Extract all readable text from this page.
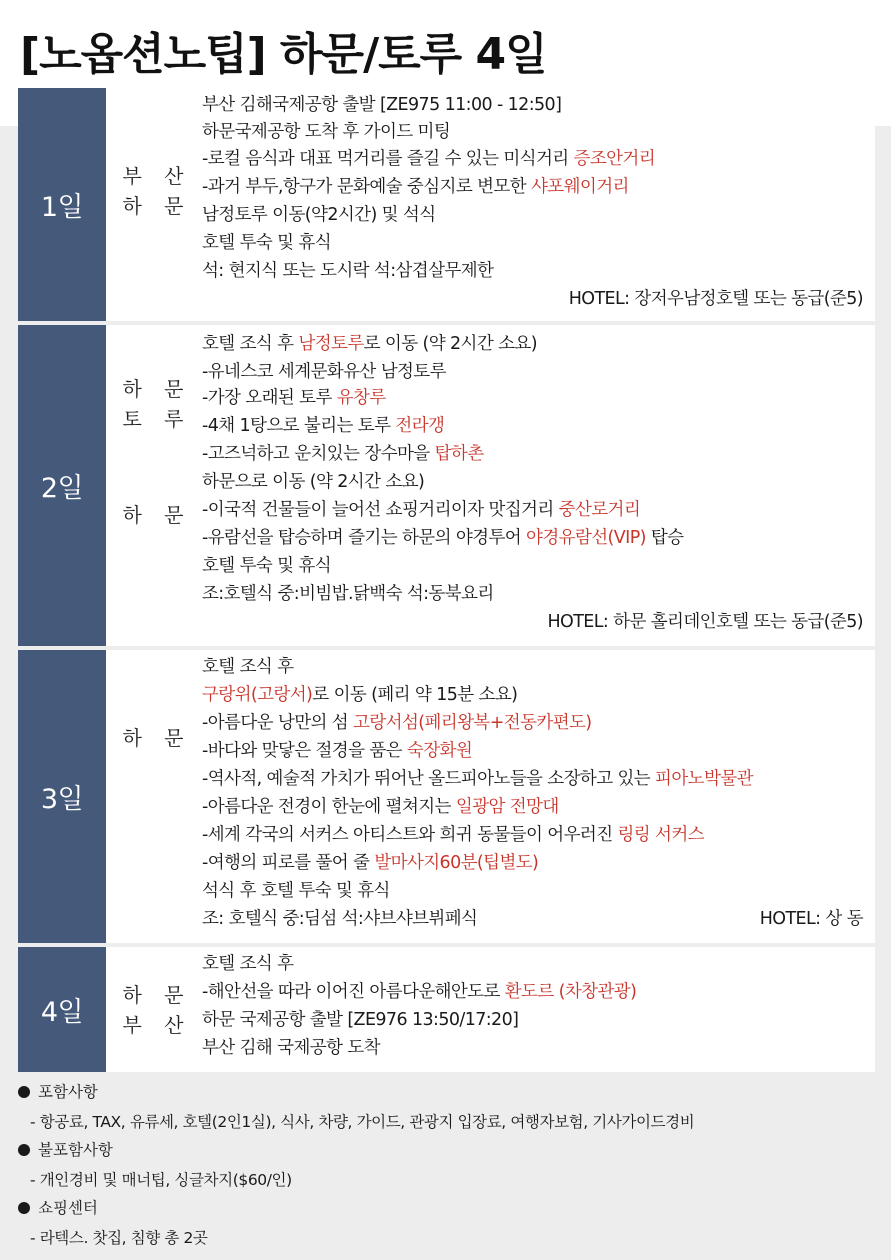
[노옵션노팁] 하문/토루 4일
1일
부 산
하 문
부산 김해국제공항 출발 [ZE975 11:00 - 12:50]
하문국제공항 도착 후 가이드 미팅
-로컬 음식과 대표 먹거리를 즐길 수 있는 미식거리 증조안거리
-과거 부두,항구가 문화예술 중심지로 변모한 샤포웨이거리
남정토루 이동(약2시간) 및 석식
호텔 투숙 및 휴식
석: 현지식 또는 도시락 석:삼겹살무제한
HOTEL: 장저우남정호텔 또는 동급(준5)
2일
하 문
토 루
하 문
호텔 조식 후 남정토루로 이동 (약 2시간 소요)
-유네스코 세계문화유산 남정토루
-가장 오래된 토루 유창루
-4채 1탕으로 불리는 토루 전라갱
-고즈넉하고 운치있는 장수마을 탑하촌
하문으로 이동 (약 2시간 소요)
-이국적 건물들이 늘어선 쇼핑거리이자 맛집거리 중산로거리
-유람선을 탑승하며 즐기는 하문의 야경투어 야경유람선(VIP) 탑승
호텔 투숙 및 휴식
조:호텔식 중:비빔밥.닭백숙 석:동북요리
HOTEL: 하문 홀리데인호텔 또는 동급(준5)
3일
하 문
호텔 조식 후
구랑위(고랑서)로 이동 (페리 약 15분 소요)
-아름다운 낭만의 섬 고랑서섬(페리왕복+전동카편도)
-바다와 맞닿은 절경을 품은 숙장화원
-역사적, 예술적 가치가 뛰어난 올드피아노들을 소장하고 있는 피아노박물관
-아름다운 전경이 한눈에 펼쳐지는 일광암 전망대
-세계 각국의 서커스 아티스트와 희귀 동물들이 어우러진 링링 서커스
-여행의 피로를 풀어 줄 발마사지60분(팁별도)
석식 후 호텔 투숙 및 휴식
조: 호텔식 중:딤섬 석:샤브샤브뷔페식	HOTEL: 상 동
4일
하 문
부 산
호텔 조식 후
-해안선을 따라 이어진 아름다운해안도로 환도르 (차창관광)
하문 국제공항 출발 [ZE976 13:50/17:20]
부산 김해 국제공항 도착
포함사항
- 항공료, TAX, 유류세, 호텔(2인1실), 식사, 차량, 가이드, 관광지 입장료, 여행자보험, 기사가이드경비
불포함사항
- 개인경비 및 매너팁, 싱글차지($60/인)
쇼핑센터
- 라텍스. 찻집, 침향 총 2곳
